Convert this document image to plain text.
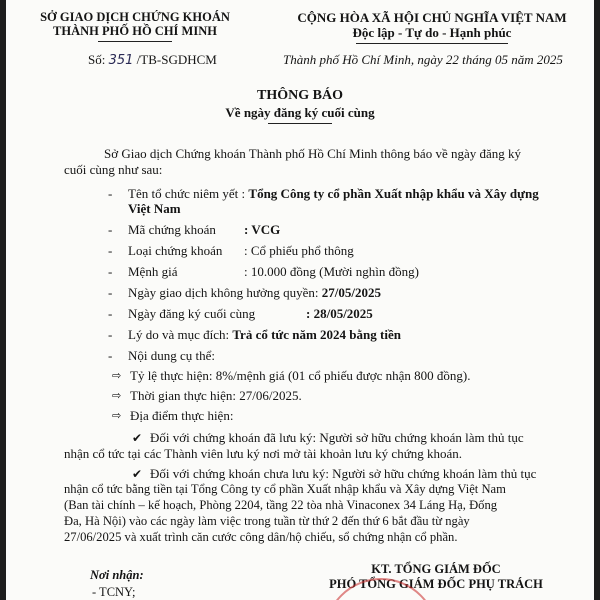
SỞ GIAO DỊCH CHỨNG KHOÁN
THÀNH PHỐ HỒ CHÍ MINH
Số: 351 /TB-SGDHCM
CỘNG HÒA XÃ HỘI CHỦ NGHĨA VIỆT NAM
Độc lập - Tự do - Hạnh phúc
Thành phố Hồ Chí Minh, ngày 22 tháng 05 năm 2025
THÔNG BÁO
Về ngày đăng ký cuối cùng
Sở Giao dịch Chứng khoán Thành phố Hồ Chí Minh thông báo về ngày đăng ký
cuối cùng như sau:
- Tên tổ chức niêm yết : Tổng Công ty cổ phần Xuất nhập khẩu và Xây dựng
Việt Nam
- Mã chứng khoán : VCG
- Loại chứng khoán : Cổ phiếu phổ thông
- Mệnh giá	: 10.000 đồng (Mười nghìn đồng)
- Ngày giao dịch không hưởng quyền: 27/05/2025
- Ngày đăng ký cuối cùng	: 28/05/2025
- Lý do và mục đích: Trả cổ tức năm 2024 bằng tiền
- Nội dung cụ thể:
⇨ Tỷ lệ thực hiện: 8%/mệnh giá (01 cổ phiếu được nhận 800 đồng).
⇨ Thời gian thực hiện: 27/06/2025.
⇨ Địa điểm thực hiện:
✔ Đối với chứng khoán đã lưu ký: Người sở hữu chứng khoán làm thủ tục
nhận cổ tức tại các Thành viên lưu ký nơi mở tài khoản lưu ký chứng khoán.
✔ Đối với chứng khoán chưa lưu ký: Người sở hữu chứng khoán làm thủ tục
nhận cổ tức bằng tiền tại Tổng Công ty cổ phần Xuất nhập khẩu và Xây dựng Việt Nam
(Ban tài chính – kế hoạch, Phòng 2204, tầng 22 tòa nhà Vinaconex 34 Láng Hạ, Đống
Đa, Hà Nội) vào các ngày làm việc trong tuần từ thứ 2 đến thứ 6 bắt đầu từ ngày
27/06/2025 và xuất trình căn cước công dân/hộ chiếu, sổ chứng nhận cổ phần.
Nơi nhận:
- TCNY;
KT. TỔNG GIÁM ĐỐC
PHÓ TỔNG GIÁM ĐỐC PHỤ TRÁCH
